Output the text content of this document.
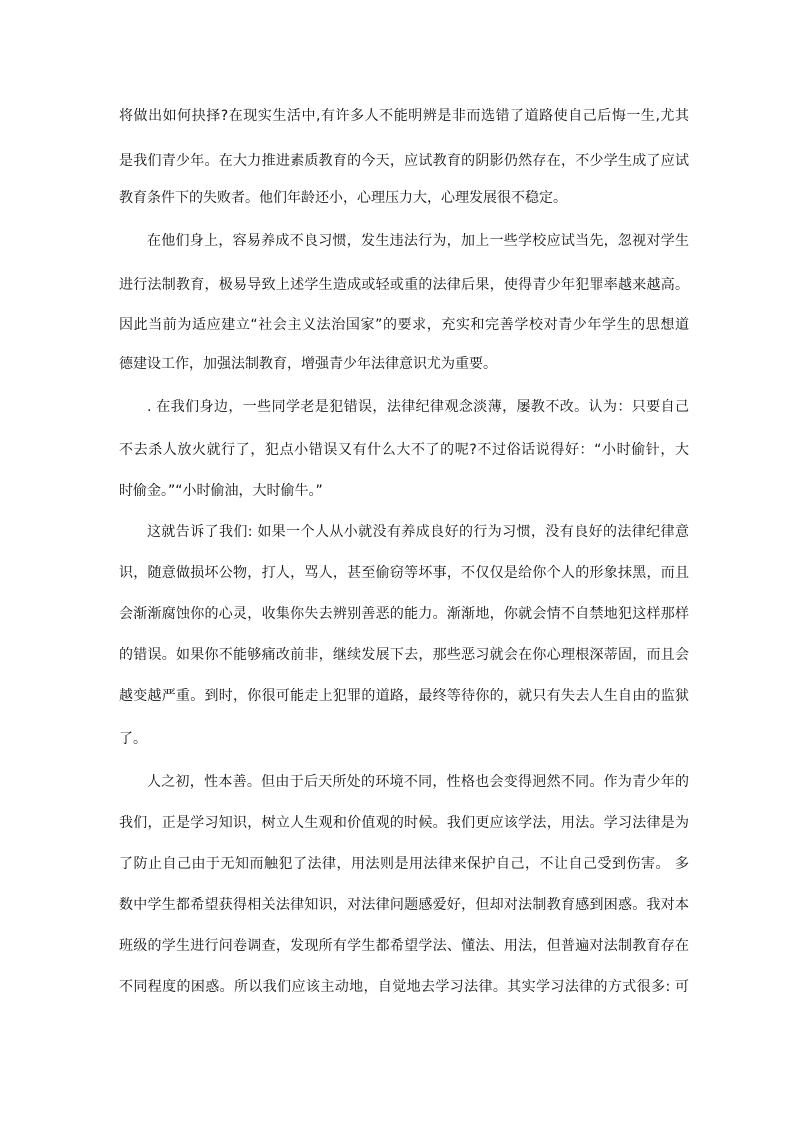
将做出如何抉择?在现实生活中,有许多人不能明辨是非而选错了道路使自己后悔一生,尤其
是我们青少年。在大力推进素质教育的今天，应试教育的阴影仍然存在，不少学生成了应试
教育条件下的失败者。他们年龄还小，心理压力大，心理发展很不稳定。
在他们身上，容易养成不良习惯，发生违法行为，加上一些学校应试当先，忽视对学生
进行法制教育，极易导致上述学生造成或轻或重的法律后果，使得青少年犯罪率越来越高。
因此当前为适应建立“社会主义法治国家”的要求，充实和完善学校对青少年学生的思想道
德建设工作，加强法制教育，增强青少年法律意识尤为重要。
. 在我们身边，一些同学老是犯错误，法律纪律观念淡薄，屡教不改。认为：只要自己
不去杀人放火就行了，犯点小错误又有什么大不了的呢?不过俗话说得好：“小时偷针，大
时偷金。”“小时偷油，大时偷牛。”
这就告诉了我们: 如果一个人从小就没有养成良好的行为习惯，没有良好的法律纪律意
识，随意做损坏公物，打人，骂人，甚至偷窃等坏事，不仅仅是给你个人的形象抹黑，而且
会渐渐腐蚀你的心灵，收集你失去辨别善恶的能力。渐渐地，你就会情不自禁地犯这样那样
的错误。如果你不能够痛改前非，继续发展下去，那些恶习就会在你心理根深蒂固，而且会
越变越严重。到时，你很可能走上犯罪的道路，最终等待你的，就只有失去人生自由的监狱
了。
人之初，性本善。但由于后天所处的环境不同，性格也会变得迥然不同。作为青少年的
我们，正是学习知识，树立人生观和价值观的时候。我们更应该学法，用法。学习法律是为
了防止自己由于无知而触犯了法律，用法则是用法律来保护自己，不让自己受到伤害。 多
数中学生都希望获得相关法律知识，对法律问题感爱好，但却对法制教育感到困惑。我对本
班级的学生进行问卷调查，发现所有学生都希望学法、懂法、用法，但普遍对法制教育存在
不同程度的困惑。所以我们应该主动地，自觉地去学习法律。其实学习法律的方式很多: 可
